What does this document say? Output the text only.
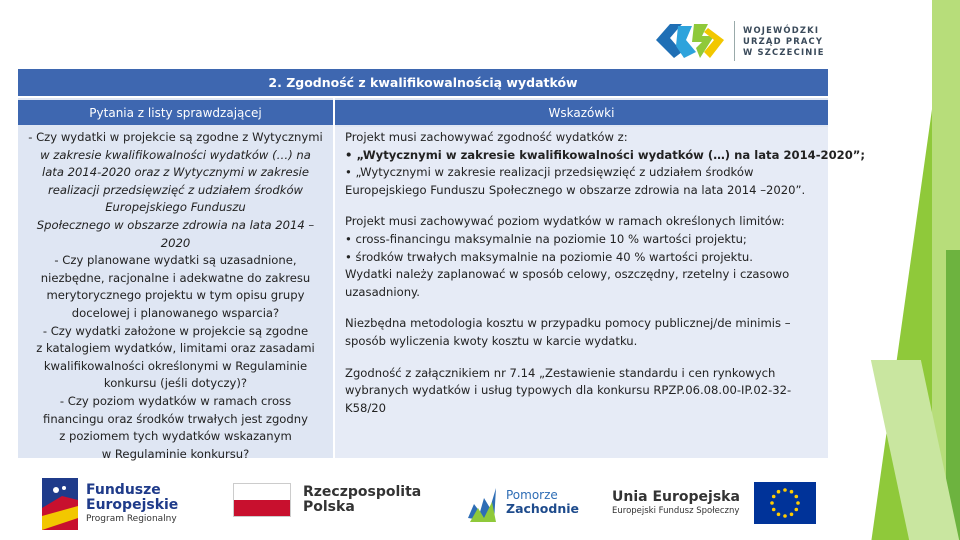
WOJEWÓDZKI
URZĄD PRACY
W SZCZECINIE
2. Zgodność z kwalifikowalnością wydatków
Pytania z listy sprawdzającej	Wskazówki
- Czy wydatki w projekcie są zgodne z Wytycznymi
w zakresie kwalifikowalności wydatków (…) na
lata 2014-2020 oraz z Wytycznymi w zakresie
realizacji przedsięwzięć z udziałem środków
Europejskiego Funduszu
Społecznego w obszarze zdrowia na lata 2014 –
2020
- Czy planowane wydatki są uzasadnione,
niezbędne, racjonalne i adekwatne do zakresu
merytorycznego projektu w tym opisu grupy
docelowej i planowanego wsparcia?
- Czy wydatki założone w projekcie są zgodne
z katalogiem wydatków, limitami oraz zasadami
kwalifikowalności określonymi w Regulaminie
konkursu (jeśli dotyczy)?
- Czy poziom wydatków w ramach cross
financingu oraz środków trwałych jest zgodny
z poziomem tych wydatków wskazanym
w Regulaminie konkursu?
Projekt musi zachowywać zgodność wydatków z:
• „Wytycznymi w zakresie kwalifikowalności wydatków (…) na lata 2014-2020”;
• „Wytycznymi w zakresie realizacji przedsięwzięć z udziałem środków
Europejskiego Funduszu Społecznego w obszarze zdrowia na lata 2014 –2020”.
Projekt musi zachowywać poziom wydatków w ramach określonych limitów:
• cross-financingu maksymalnie na poziomie 10 % wartości projektu;
• środków trwałych maksymalnie na poziomie 40 % wartości projektu.
Wydatki należy zaplanować w sposób celowy, oszczędny, rzetelny i czasowo
uzasadniony.
Niezbędna metodologia kosztu w przypadku pomocy publicznej/de minimis –
sposób wyliczenia kwoty kosztu w karcie wydatku.
Zgodność z załącznikiem nr 7.14 „Zestawienie standardu i cen rynkowych
wybranych wydatków i usług typowych dla konkursu RPZP.06.08.00-IP.02-32-
K58/20
Fundusze
Europejskie
Program Regionalny
Rzeczpospolita
Polska
Pomorze
Zachodnie
Unia Europejska
Europejski Fundusz Społeczny
